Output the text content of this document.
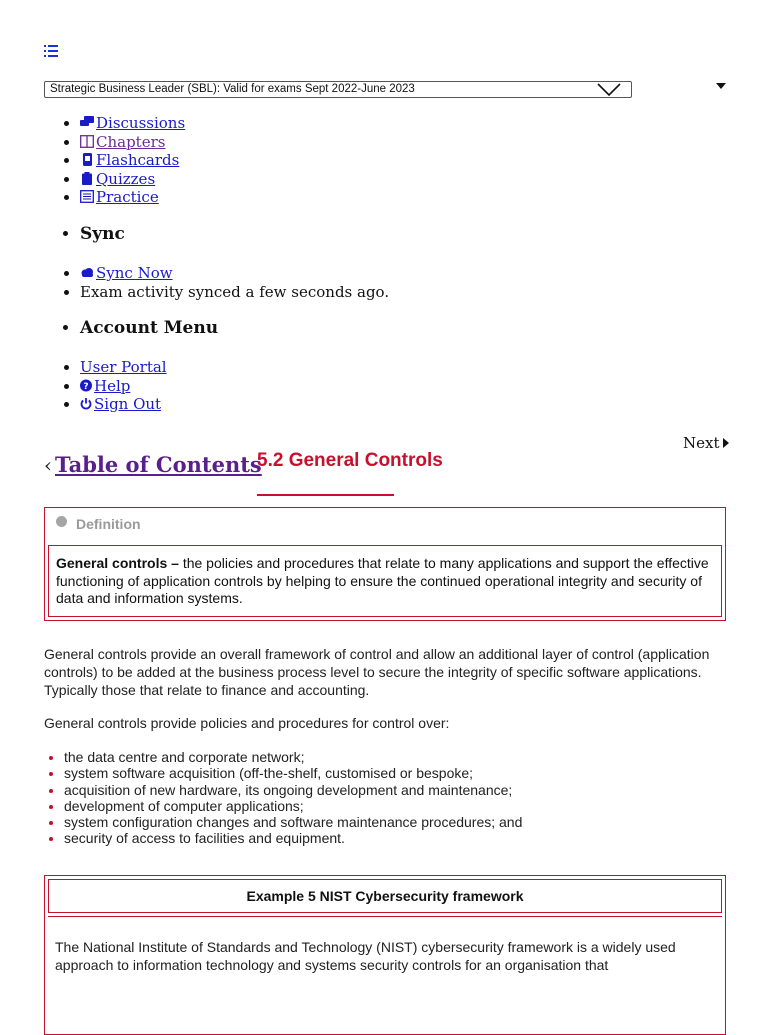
Strategic Business Leader (SBL): Valid for exams Sept 2022-June 2023
• Discussions
• Chapters
• Flashcards
• Quizzes
• Practice
• Sync
• Sync Now
• Exam activity synced a few seconds ago.
• Account Menu
• User Portal
• ? Help
• Sign Out
Next
‹ Table of Contents
5.2 General Controls
Definition
General controls – the policies and procedures that relate to many applications and support the effective functioning of application controls by helping to ensure the continued operational integrity and security of data and information systems.
General controls provide an overall framework of control and allow an additional layer of control (application controls) to be added at the business process level to secure the integrity of specific software applications. Typically those that relate to finance and accounting.
General controls provide policies and procedures for control over:
• the data centre and corporate network;
• system software acquisition (off-the-shelf, customised or bespoke;
• acquisition of new hardware, its ongoing development and maintenance;
• development of computer applications;
• system configuration changes and software maintenance procedures; and
• security of access to facilities and equipment.
Example 5 NIST Cybersecurity framework
The National Institute of Standards and Technology (NIST) cybersecurity framework is a widely used approach to information technology and systems security controls for an organisation that
